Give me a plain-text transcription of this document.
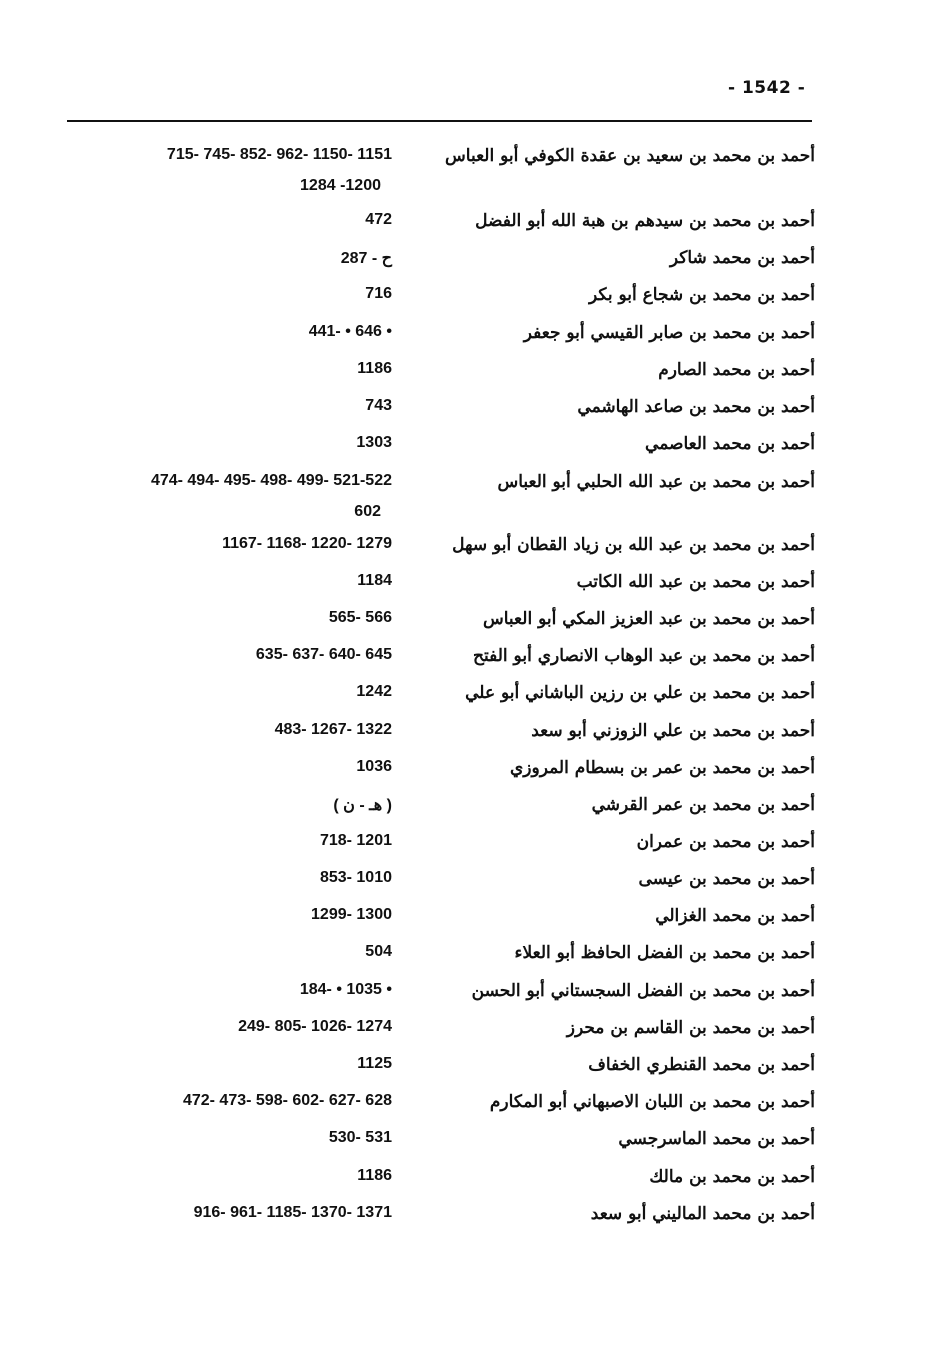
- 1542 -
أحمد بن محمد بن سعيد بن عقدة الكوفي أبو العباس
715- 745- 852- 962- 1150- 1151
1284 -1200
أحمد بن محمد بن سيدهم بن هبة الله أبو الفضل
472
أحمد بن محمد شاكر
ح - 287
أحمد بن محمد بن شجاع أبو بكر
716
أحمد بن محمد بن صابر القيسي أبو جعفر
441- • 646 •
أحمد بن محمد الصارم
1186
أحمد بن محمد بن صاعد الهاشمي
743
أحمد بن محمد العاصمي
1303
أحمد بن محمد بن عبد الله الحلبي أبو العباس
474- 494- 495- 498- 499- 521-522
602
أحمد بن محمد بن عبد الله بن زياد القطان أبو سهل
1167- 1168- 1220- 1279
أحمد بن محمد بن عبد الله الكاتب
1184
أحمد بن محمد بن عبد العزيز المكي أبو العباس
565- 566
أحمد بن محمد بن عبد الوهاب الانصاري أبو الفتح
635- 637- 640- 645
أحمد بن محمد بن علي بن رزين الباشاني أبو علي
1242
أحمد بن محمد بن علي الزوزني أبو سعد
483- 1267- 1322
أحمد بن محمد بن عمر بن بسطام المروزي
1036
أحمد بن محمد بن عمر القرشي
( هـ - ن )
أحمد بن محمد بن عمران
718- 1201
أحمد بن محمد بن عيسى
853- 1010
أحمد بن محمد الغزالي
1299- 1300
أحمد بن محمد بن الفضل الحافظ أبو العلاء
504
أحمد بن محمد بن الفضل السجستاني أبو الحسن
184- • 1035 •
أحمد بن محمد بن القاسم بن محرز
249- 805- 1026- 1274
أحمد بن محمد القنطري الخفاف
1125
أحمد بن محمد بن اللبان الاصبهاني أبو المكارم
472- 473- 598- 602- 627- 628
أحمد بن محمد الماسرجسي
530- 531
أحمد بن محمد بن مالك
1186
أحمد بن محمد الماليني أبو سعد
916- 961- 1185- 1370- 1371
